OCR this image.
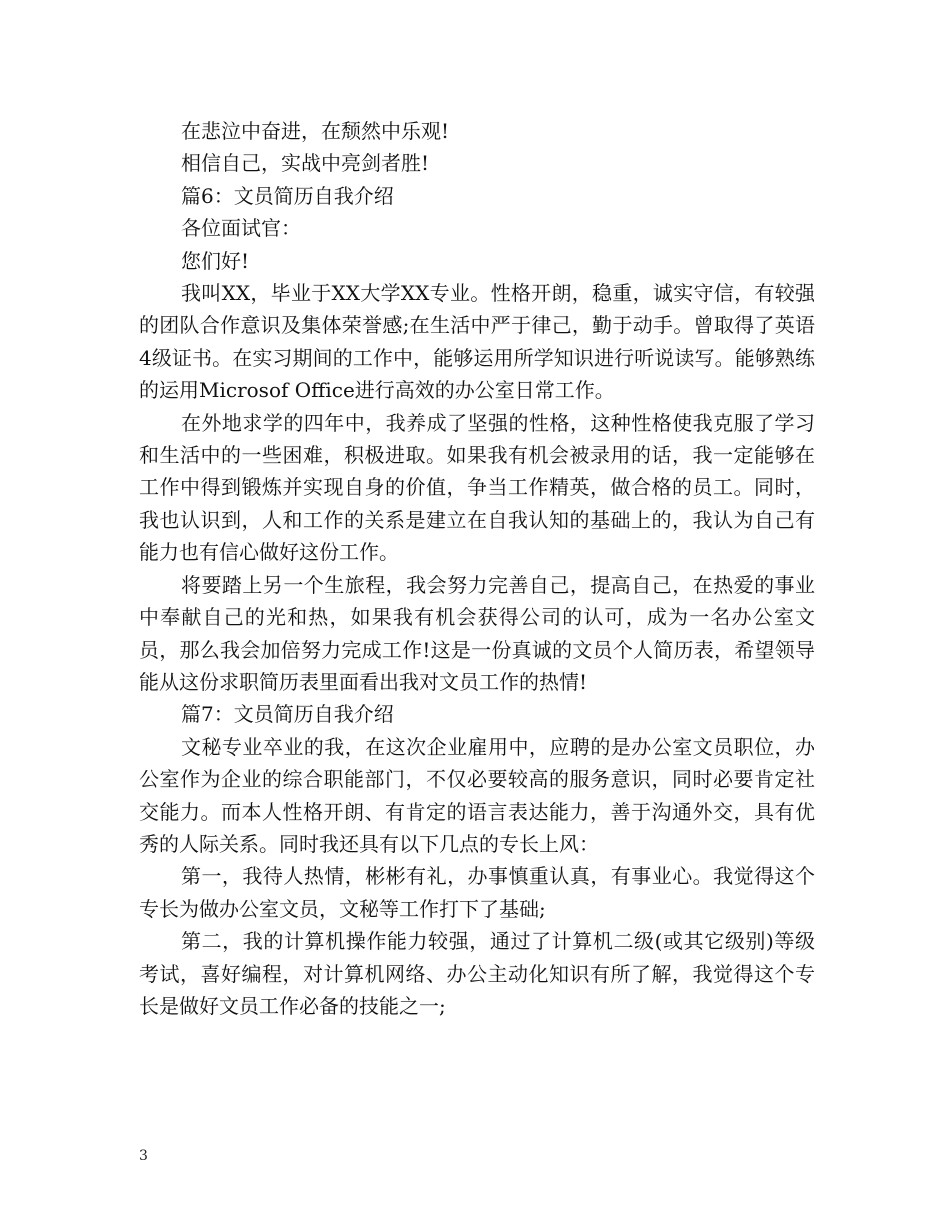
在悲泣中奋进，在颓然中乐观!

相信自己，实战中亮剑者胜!

篇6：文员简历自我介绍

各位面试官：

您们好!

我叫XX，毕业于XX大学XX专业。性格开朗，稳重，诚实守信，有较强的团队合作意识及集体荣誉感;在生活中严于律己，勤于动手。曾取得了英语4级证书。在实习期间的工作中，能够运用所学知识进行听说读写。能够熟练的运用Microsof Office进行高效的办公室日常工作。

在外地求学的四年中，我养成了坚强的性格，这种性格使我克服了学习和生活中的一些困难，积极进取。如果我有机会被录用的话，我一定能够在工作中得到锻炼并实现自身的价值，争当工作精英，做合格的员工。同时，我也认识到，人和工作的关系是建立在自我认知的基础上的，我认为自己有能力也有信心做好这份工作。

将要踏上另一个生旅程，我会努力完善自己，提高自己，在热爱的事业中奉献自己的光和热，如果我有机会获得公司的认可，成为一名办公室文员，那么我会加倍努力完成工作!这是一份真诚的文员个人简历表，希望领导能从这份求职简历表里面看出我对文员工作的热情!

篇7：文员简历自我介绍

文秘专业卒业的我，在这次企业雇用中，应聘的是办公室文员职位，办公室作为企业的综合职能部门，不仅必要较高的服务意识，同时必要肯定社交能力。而本人性格开朗、有肯定的语言表达能力，善于沟通外交，具有优秀的人际关系。同时我还具有以下几点的专长上风：

第一，我待人热情，彬彬有礼，办事慎重认真，有事业心。我觉得这个专长为做办公室文员，文秘等工作打下了基础;

第二，我的计算机操作能力较强，通过了计算机二级(或其它级别)等级考试，喜好编程，对计算机网络、办公主动化知识有所了解，我觉得这个专长是做好文员工作必备的技能之一;

3
